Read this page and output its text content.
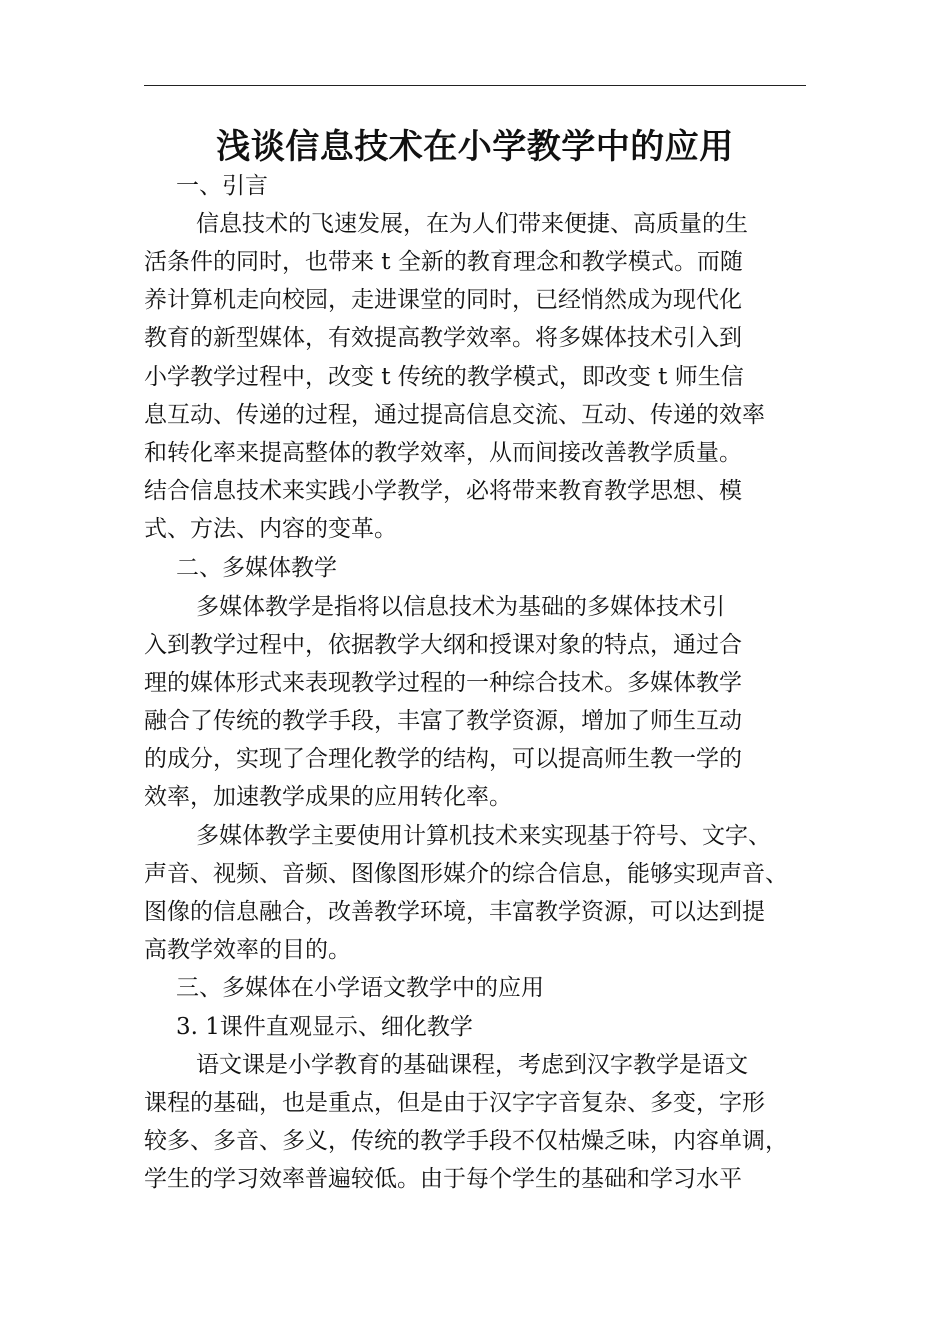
浅谈信息技术在小学教学中的应用

一、引言

信息技术的飞速发展，在为人们带来便捷、高质量的生

活条件的同时，也带来 t 全新的教育理念和教学模式。而随

养计算机走向校园，走进课堂的同时，已经悄然成为现代化

教育的新型媒体，有效提高教学效率。将多媒体技术引入到

小学教学过程中，改变 t 传统的教学模式，即改变 t 师生信

息互动、传递的过程，通过提高信息交流、互动、传递的效率

和转化率来提高整体的教学效率，从而间接改善教学质量。

结合信息技术来实践小学教学，必将带来教育教学思想、模

式、方法、内容的变革。

二、多媒体教学

多媒体教学是指将以信息技术为基础的多媒体技术引

入到教学过程中，依据教学大纲和授课对象的特点，通过合

理的媒体形式来表现教学过程的一种综合技术。多媒体教学

融合了传统的教学手段，丰富了教学资源，增加了师生互动

的成分，实现了合理化教学的结构，可以提高师生教一学的

效率，加速教学成果的应用转化率。

多媒体教学主要使用计算机技术来实现基于符号、文字、

声音、视频、音频、图像图形媒介的综合信息，能够实现声音、

图像的信息融合，改善教学环境，丰富教学资源，可以达到提

高教学效率的目的。

三、多媒体在小学语文教学中的应用

3. 1课件直观显示、细化教学

语文课是小学教育的基础课程，考虑到汉字教学是语文

课程的基础，也是重点，但是由于汉字字音复杂、多变，字形

较多、多音、多义，传统的教学手段不仅枯燥乏味，内容单调，

学生的学习效率普遍较低。由于每个学生的基础和学习水平
